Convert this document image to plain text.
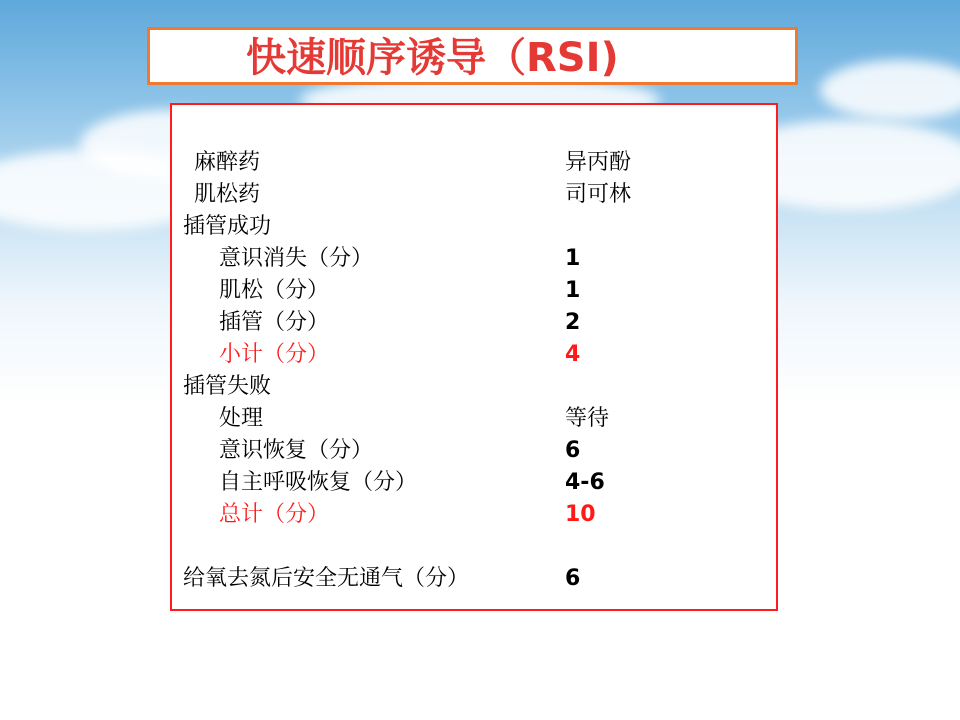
快速顺序诱导（RSI)
麻醉药	异丙酚
肌松药	司可林
插管成功
意识消失（分）	1
肌松（分）	1
插管（分）	2
小计（分）	4
插管失败
处理	等待
意识恢复（分）	6
自主呼吸恢复（分）	4-6
总计（分）	10
给氧去氮后安全无通气（分）	6
